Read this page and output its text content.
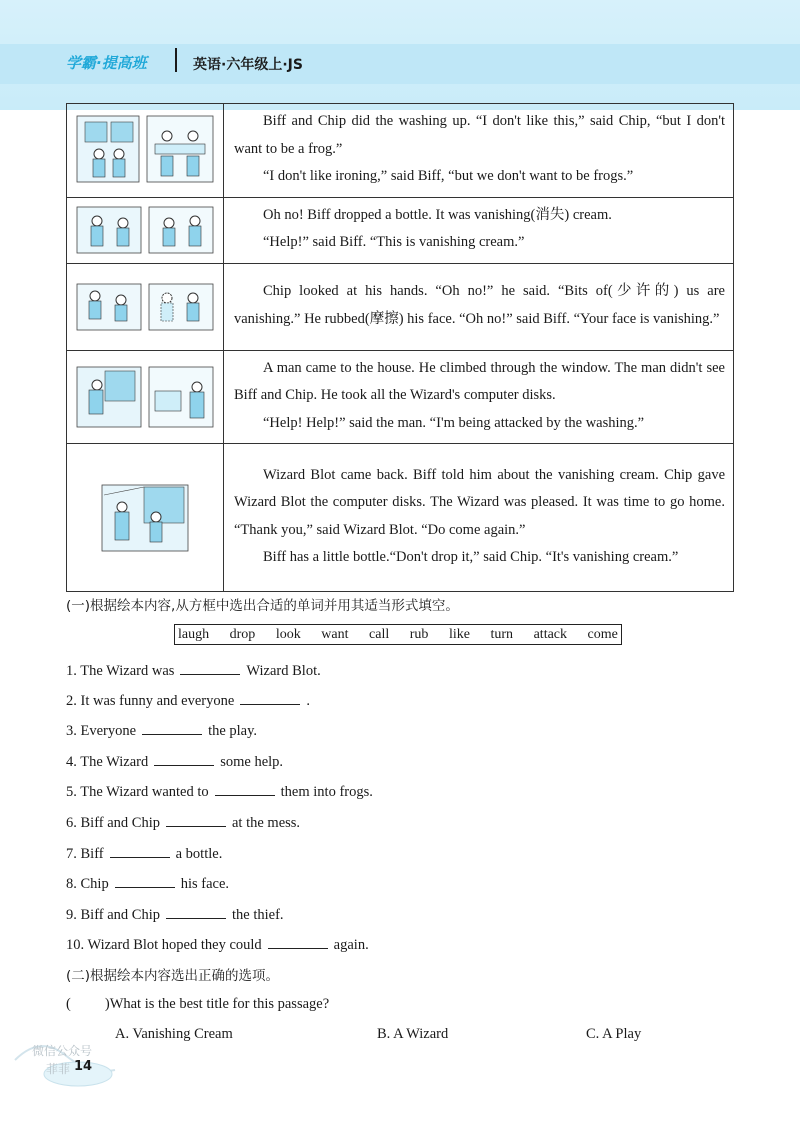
学霸·提高班	英语·六年级上·JS

Biff and Chip did the washing up. “I don't like this,” said Chip, “but I don't want to be a frog.”

“I don't like ironing,” said Biff, “but we don't want to be frogs.”

Oh no! Biff dropped a bottle. It was vanishing(消失) cream.

“Help!” said Biff. “This is vanishing cream.”

Chip looked at his hands. “Oh no!” he said. “Bits of(少许的) us are vanishing.” He rubbed(摩擦) his face. “Oh no!” said Biff. “Your face is vanishing.”

A man came to the house. He climbed through the window. The man didn't see Biff and Chip. He took all the Wizard's computer disks.

“Help! Help!” said the man. “I'm being attacked by the washing.”

Wizard Blot came back. Biff told him about the vanishing cream. Chip gave Wizard Blot the computer disks. The Wizard was pleased. It was time to go home. “Thank you,” said Wizard Blot. “Do come again.”

Biff has a little bottle.“Don't drop it,” said Chip. “It's vanishing cream.”

(一)根据绘本内容,从方框中选出合适的单词并用其适当形式填空。
laugh drop look want call rub like turn attack come
1. The Wizard was	Wizard Blot.
2. It was funny and everyone	.
3. Everyone	the play.
4. The Wizard	some help.
5. The Wizard wanted to	them into frogs.
6. Biff and Chip	at the mess.
7. Biff	a bottle.
8. Chip	his face.
9. Biff and Chip	the thief.
10. Wizard Blot hoped they could	again.
(二)根据绘本内容选出正确的选项。
( )What is the best title for this passage?
A. Vanishing Cream	B. A Wizard	C. A Play
微信公众号
菲菲 14
